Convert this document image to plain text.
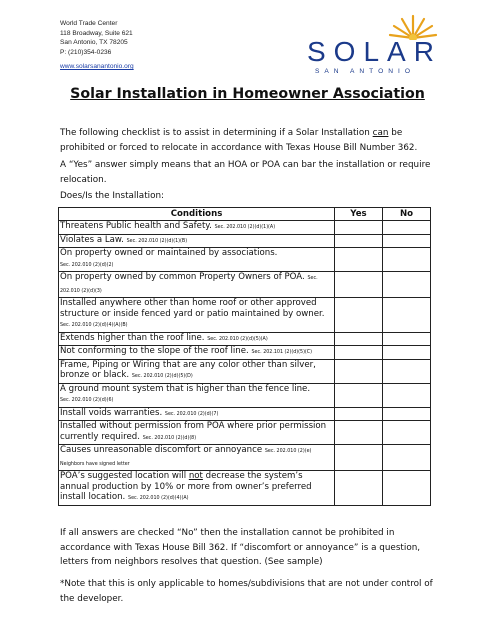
World Trade Center
118 Broadway, Suite 621
San Antonio, TX 78205
P: (210)354-0236
www.solarsanantonio.org	SOLAR
SAN ANTONIO
Solar Installation in Homeowner Association
The following checklist is to assist in determining if a Solar Installation can be prohibited or forced to relocate in accordance with Texas House Bill Number 362.
A “Yes” answer simply means that an HOA or POA can bar the installation or require relocation.
Does/Is the Installation:
Conditions	Yes	No
Threatens Public health and Safety. Sec. 202.010 (2)(d)(1)(A)		
Violates a Law. Sec. 202.010 (2)(d)(1)(B)		
On property owned or maintained by associations.
Sec. 202.010 (2)(d)(2)		
On property owned by common Property Owners of POA. Sec. 202.010 (2)(d)(3)		
Installed anywhere other than home roof or other approved structure or inside fenced yard or patio maintained by owner.
Sec. 202.010 (2)(d)(4)(A)(B)		
Extends higher than the roof line. Sec. 202.010 (2)(d)(5)(A)		
Not conforming to the slope of the roof line. Sec. 202.101 (2)(d)(5)(C)		
Frame, Piping or Wiring that are any color other than silver, bronze or black. Sec. 202.010 (2)(d)(5)(D)		
A ground mount system that is higher than the fence line.
Sec. 202.010 (2)(d)(6)		
Install voids warranties. Sec. 202.010 (2)(d)(7)		
Installed without permission from POA where prior permission currently required. Sec. 202.010 (2)(d)(8)		
Causes unreasonable discomfort or annoyance Sec. 202.010 (2)(e) Neighbors have signed letter		
POA’s suggested location will not decrease the system’s annual production by 10% or more from owner’s preferred install location. Sec. 202.010 (2)(d)(4)(A)		
If all answers are checked “No” then the installation cannot be prohibited in accordance with Texas House Bill 362. If “discomfort or annoyance” is a question, letters from neighbors resolves that question. (See sample)
*Note that this is only applicable to homes/subdivisions that are not under control of the developer.
